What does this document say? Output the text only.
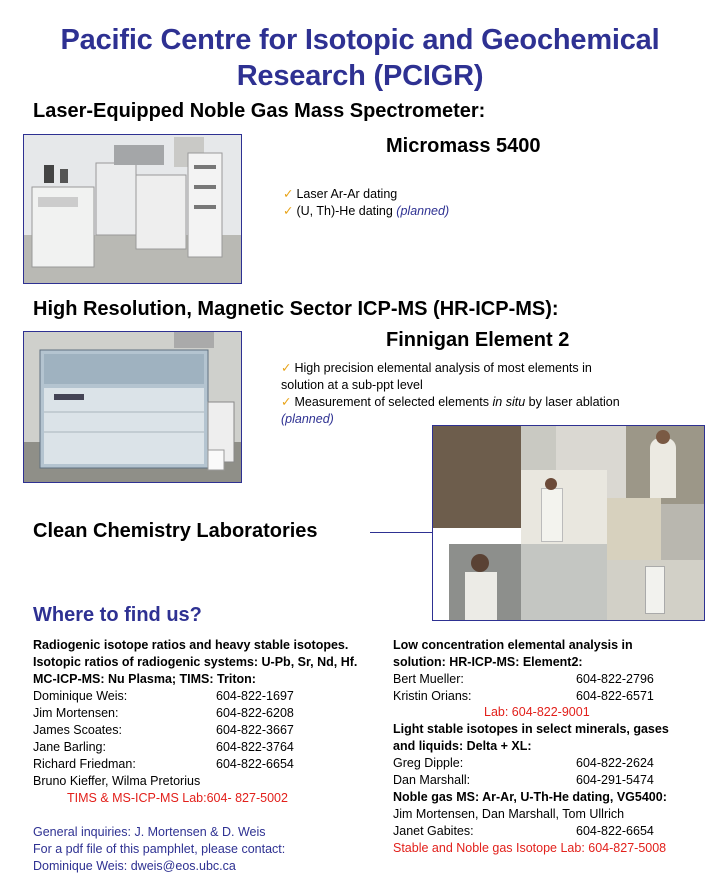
Pacific Centre for Isotopic and Geochemical
Research (PCIGR)
Laser-Equipped Noble Gas Mass Spectrometer:
Micromass 5400
✓ Laser Ar-Ar dating
✓ (U, Th)-He dating (planned)
High Resolution, Magnetic Sector ICP-MS (HR-ICP-MS):
Finnigan Element 2
✓ High precision elemental analysis of most elements in
solution at a sub-ppt level
✓ Measurement of selected elements in situ by laser ablation
(planned)
Clean Chemistry Laboratories
Where to find us?
Radiogenic isotope ratios and heavy stable isotopes.
Isotopic ratios of radiogenic systems: U-Pb, Sr, Nd, Hf.
MC-ICP-MS: Nu Plasma; TIMS: Triton:
Dominique Weis:	604-822-1697
Jim Mortensen:	604-822-6208
James Scoates:	604-822-3667
Jane Barling:	604-822-3764
Richard Friedman:	604-822-6654
Bruno Kieffer, Wilma Pretorius
TIMS & MS-ICP-MS Lab:604- 827-5002
General inquiries: J. Mortensen & D. Weis
For a pdf file of this pamphlet, please contact:
Dominique Weis: dweis@eos.ubc.ca
Low concentration elemental analysis in
solution: HR-ICP-MS: Element2:
Bert Mueller:	604-822-2796
Kristin Orians:	604-822-6571
Lab: 604-822-9001
Light stable isotopes in select minerals, gases
and liquids: Delta + XL:
Greg Dipple:	604-822-2624
Dan Marshall:	604-291-5474
Noble gas MS: Ar-Ar, U-Th-He dating, VG5400:
Jim Mortensen, Dan Marshall, Tom Ullrich
Janet Gabites:	604-822-6654
Stable and Noble gas Isotope Lab: 604-827-5008
